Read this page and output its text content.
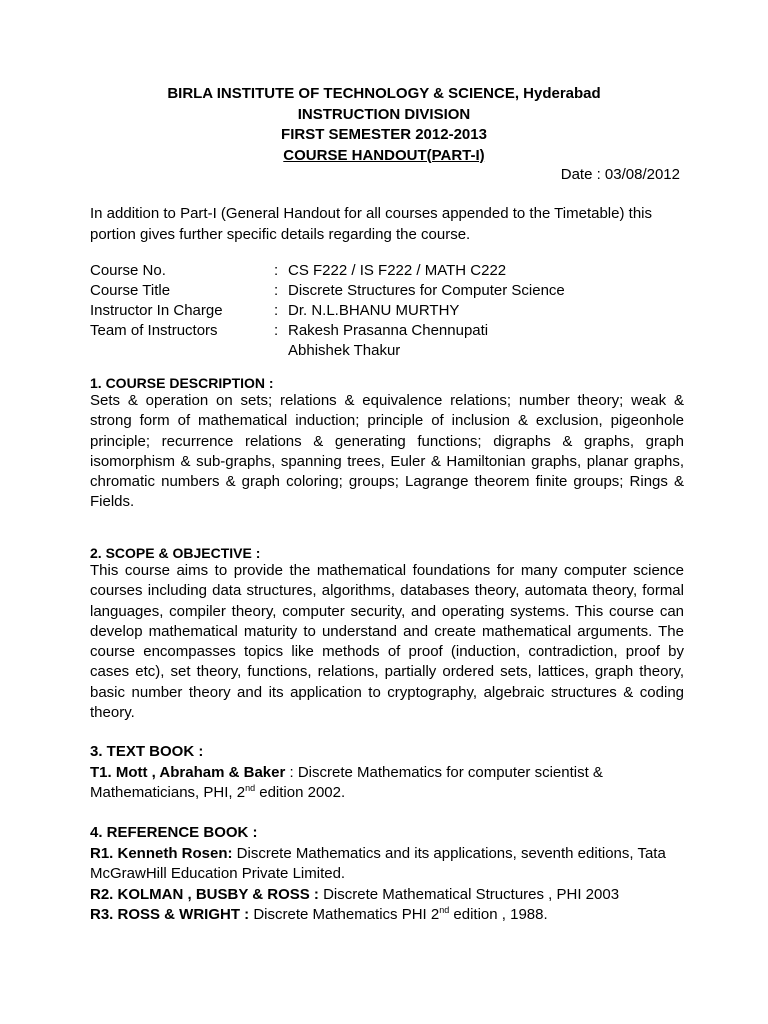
BIRLA INSTITUTE OF TECHNOLOGY & SCIENCE, Hyderabad
INSTRUCTION DIVISION
FIRST SEMESTER 2012-2013
COURSE HANDOUT(PART-I)
Date : 03/08/2012
In addition to Part-I (General Handout for all courses appended to the Timetable) this portion gives further specific details regarding the course.
Course No.	: CS F222 / IS F222 / MATH C222
Course Title	: Discrete Structures for Computer Science
Instructor In Charge	: Dr. N.L.BHANU MURTHY
Team of Instructors	: Rakesh Prasanna Chennupati
Abhishek Thakur
1. COURSE DESCRIPTION :
Sets & operation on sets; relations & equivalence relations; number theory; weak & strong form of mathematical induction; principle of inclusion & exclusion, pigeonhole principle; recurrence relations & generating functions; digraphs & graphs, graph isomorphism & sub-graphs, spanning trees, Euler & Hamiltonian graphs, planar graphs, chromatic numbers & graph coloring; groups; Lagrange theorem finite groups; Rings & Fields.
2. SCOPE & OBJECTIVE :
This course aims to provide the mathematical foundations for many computer science courses including data structures, algorithms, databases theory, automata theory, formal languages, compiler theory, computer security, and operating systems. This course can develop mathematical maturity to understand and create mathematical arguments. The course encompasses topics like methods of proof (induction, contradiction, proof by cases etc), set theory, functions, relations, partially ordered sets, lattices, graph theory, basic number theory and its application to cryptography, algebraic structures & coding theory.
3. TEXT BOOK :
T1. Mott , Abraham & Baker : Discrete Mathematics for computer scientist & Mathematicians, PHI, 2nd edition 2002.
4. REFERENCE BOOK :
R1. Kenneth Rosen: Discrete Mathematics and its applications, seventh editions, Tata McGrawHill Education Private Limited.
R2. KOLMAN , BUSBY & ROSS : Discrete Mathematical Structures , PHI 2003
R3. ROSS & WRIGHT : Discrete Mathematics PHI 2nd edition , 1988.
